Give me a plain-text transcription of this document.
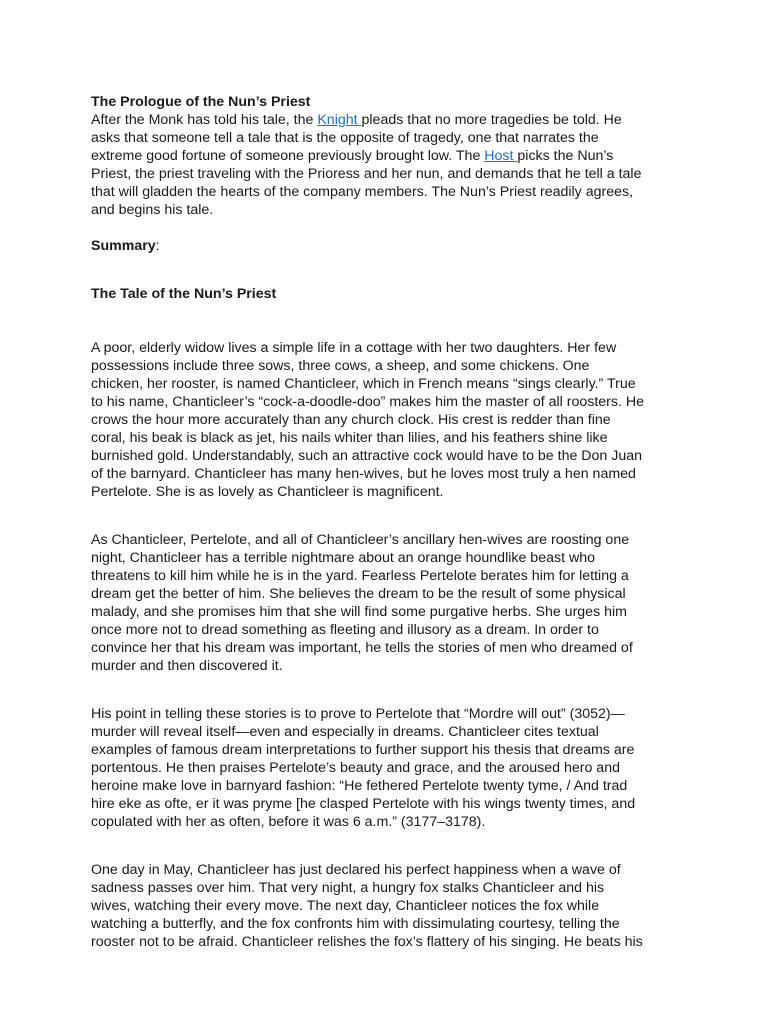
The Prologue of the Nun’s Priest

After the Monk has told his tale, the Knight pleads that no more tragedies be told. He

asks that someone tell a tale that is the opposite of tragedy, one that narrates the

extreme good fortune of someone previously brought low. The Host picks the Nun’s

Priest, the priest traveling with the Prioress and her nun, and demands that he tell a tale

that will gladden the hearts of the company members. The Nun’s Priest readily agrees,

and begins his tale.

Summary:

The Tale of the Nun’s Priest

A poor, elderly widow lives a simple life in a cottage with her two daughters. Her few

possessions include three sows, three cows, a sheep, and some chickens. One

chicken, her rooster, is named Chanticleer, which in French means “sings clearly.” True

to his name, Chanticleer’s “cock-a-doodle-doo” makes him the master of all roosters. He

crows the hour more accurately than any church clock. His crest is redder than fine

coral, his beak is black as jet, his nails whiter than lilies, and his feathers shine like

burnished gold. Understandably, such an attractive cock would have to be the Don Juan

of the barnyard. Chanticleer has many hen-wives, but he loves most truly a hen named

Pertelote. She is as lovely as Chanticleer is magnificent.

As Chanticleer, Pertelote, and all of Chanticleer’s ancillary hen-wives are roosting one

night, Chanticleer has a terrible nightmare about an orange houndlike beast who

threatens to kill him while he is in the yard. Fearless Pertelote berates him for letting a

dream get the better of him. She believes the dream to be the result of some physical

malady, and she promises him that she will find some purgative herbs. She urges him

once more not to dread something as fleeting and illusory as a dream. In order to

convince her that his dream was important, he tells the stories of men who dreamed of

murder and then discovered it.

His point in telling these stories is to prove to Pertelote that “Mordre will out” (3052)—

murder will reveal itself—even and especially in dreams. Chanticleer cites textual

examples of famous dream interpretations to further support his thesis that dreams are

portentous. He then praises Pertelote’s beauty and grace, and the aroused hero and

heroine make love in barnyard fashion: “He fethered Pertelote twenty tyme, / And trad

hire eke as ofte, er it was pryme [he clasped Pertelote with his wings twenty times, and

copulated with her as often, before it was 6 a.m.” (3177–3178).

One day in May, Chanticleer has just declared his perfect happiness when a wave of

sadness passes over him. That very night, a hungry fox stalks Chanticleer and his

wives, watching their every move. The next day, Chanticleer notices the fox while

watching a butterfly, and the fox confronts him with dissimulating courtesy, telling the

rooster not to be afraid. Chanticleer relishes the fox’s flattery of his singing. He beats his
